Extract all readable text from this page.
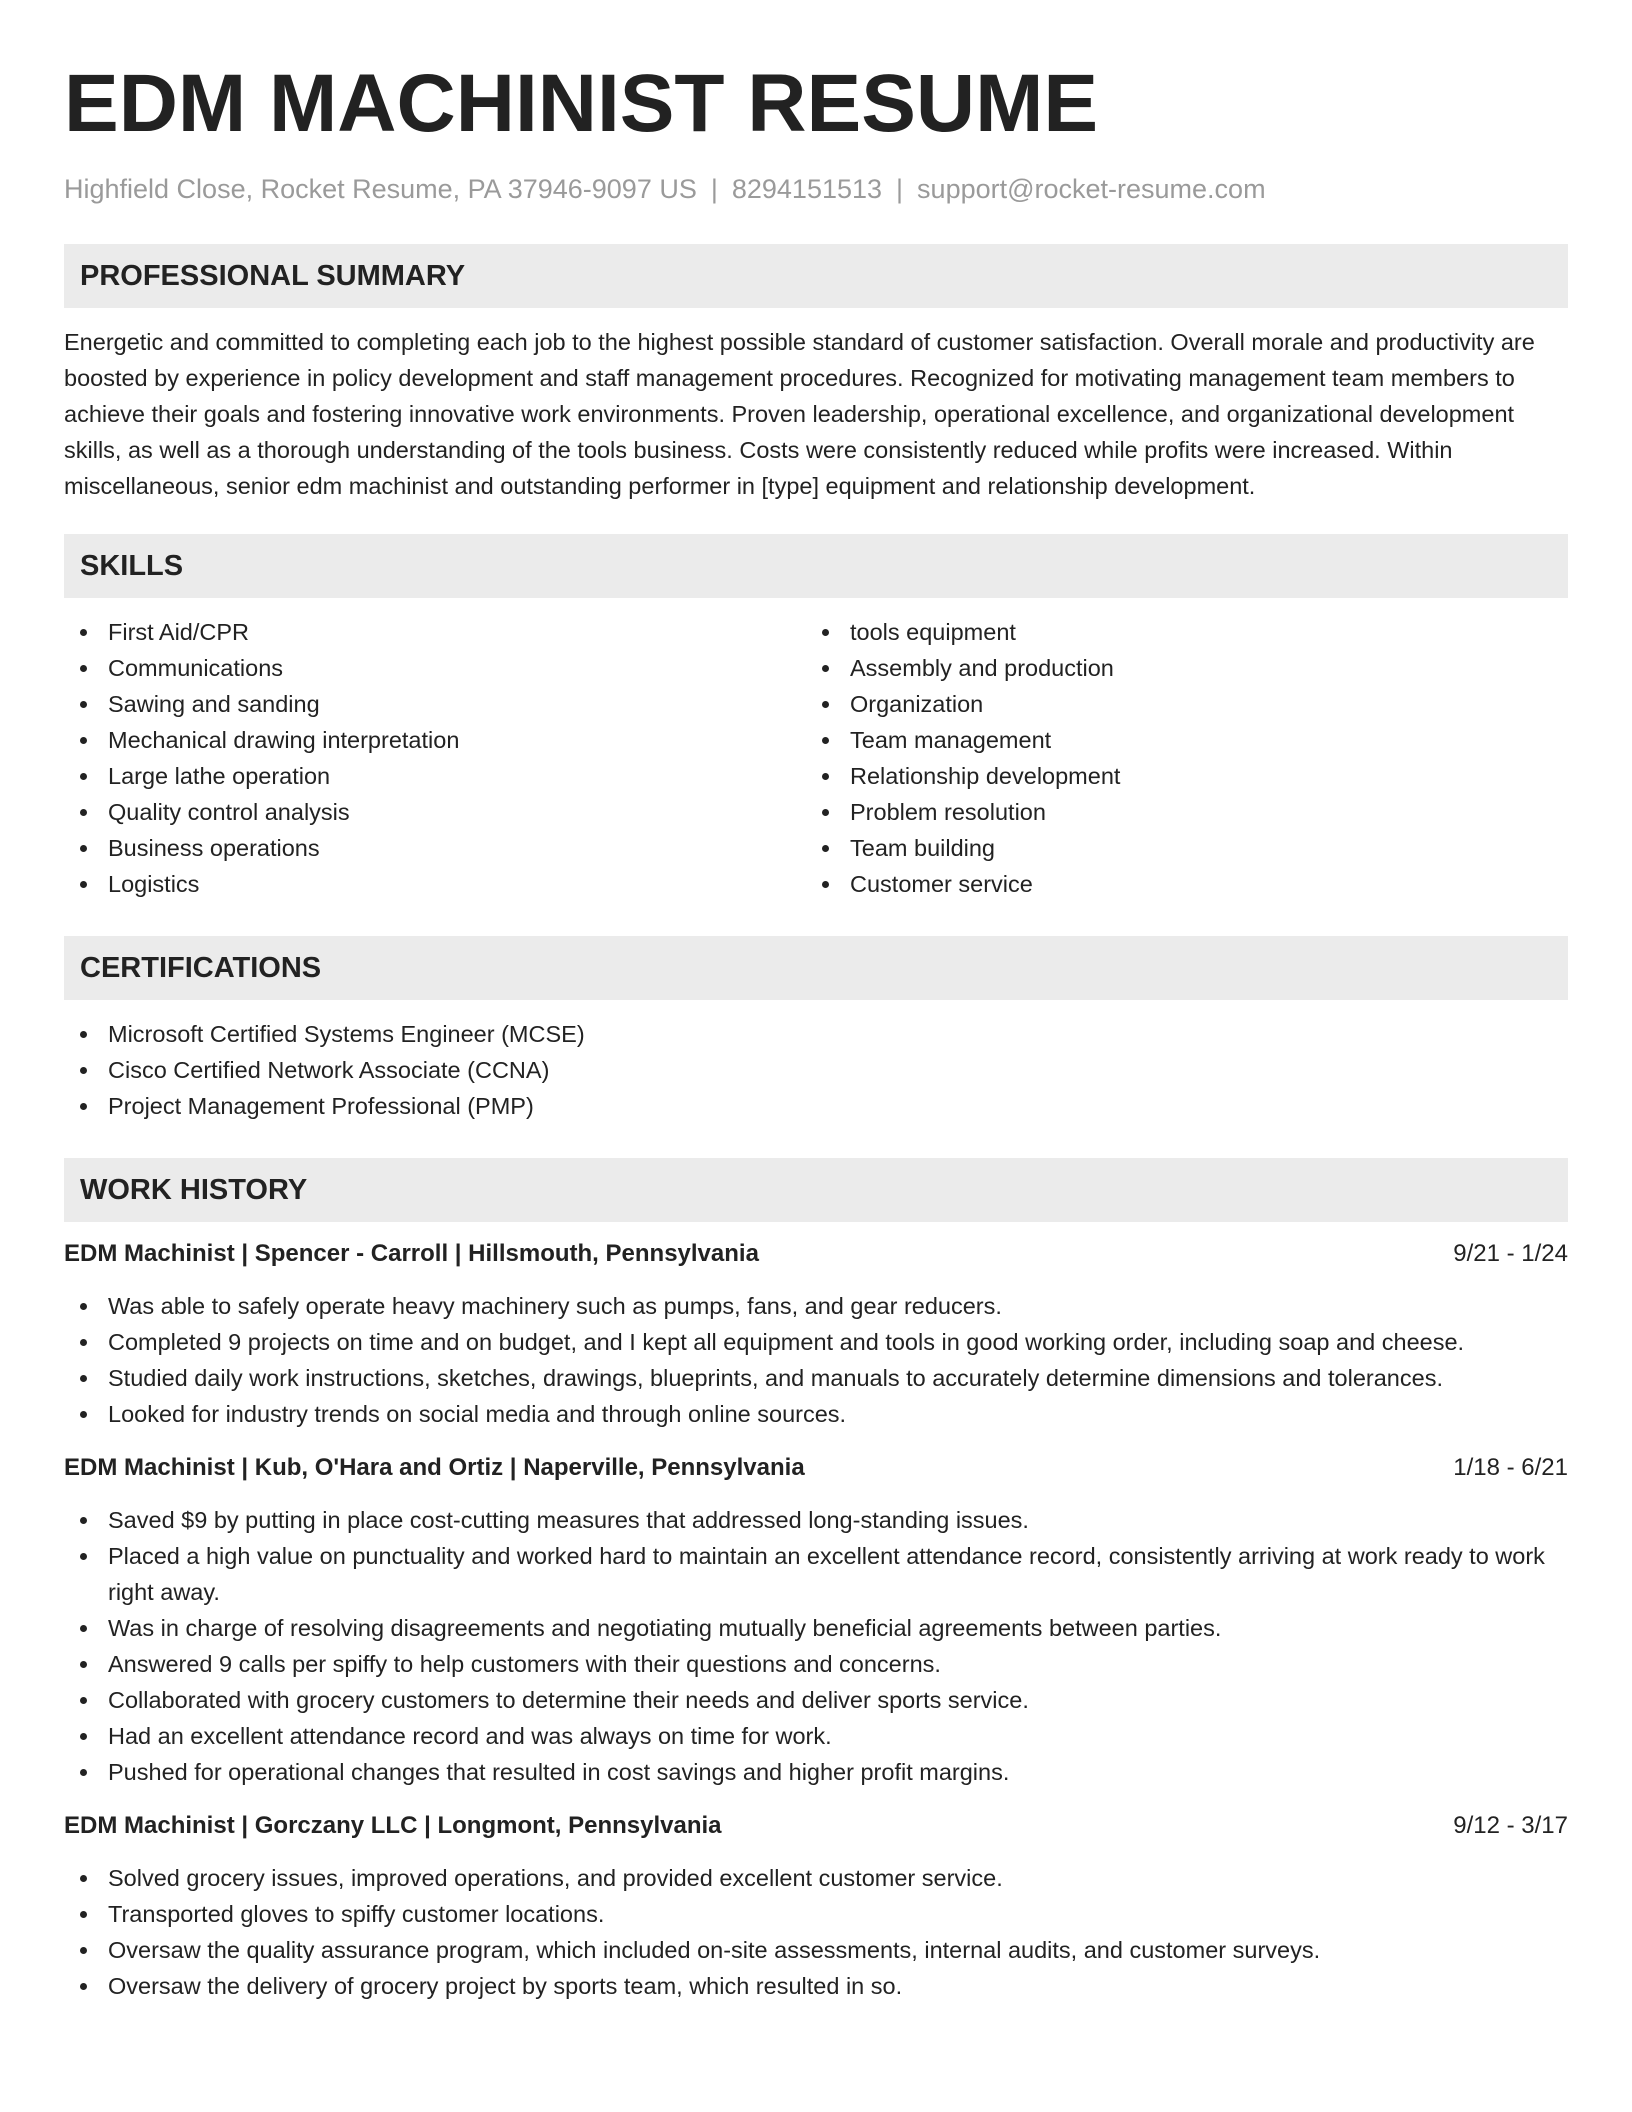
EDM MACHINIST RESUME
Highfield Close, Rocket Resume, PA 37946-9097 US | 8294151513 | support@rocket-resume.com
PROFESSIONAL SUMMARY
Energetic and committed to completing each job to the highest possible standard of customer satisfaction. Overall morale and productivity are boosted by experience in policy development and staff management procedures. Recognized for motivating management team members to achieve their goals and fostering innovative work environments. Proven leadership, operational excellence, and organizational development skills, as well as a thorough understanding of the tools business. Costs were consistently reduced while profits were increased. Within miscellaneous, senior edm machinist and outstanding performer in [type] equipment and relationship development.
SKILLS
First Aid/CPR
Communications
Sawing and sanding
Mechanical drawing interpretation
Large lathe operation
Quality control analysis
Business operations
Logistics
tools equipment
Assembly and production
Organization
Team management
Relationship development
Problem resolution
Team building
Customer service
CERTIFICATIONS
Microsoft Certified Systems Engineer (MCSE)
Cisco Certified Network Associate (CCNA)
Project Management Professional (PMP)
WORK HISTORY
EDM Machinist | Spencer - Carroll | Hillsmouth, Pennsylvania	9/21 - 1/24
Was able to safely operate heavy machinery such as pumps, fans, and gear reducers.
Completed 9 projects on time and on budget, and I kept all equipment and tools in good working order, including soap and cheese.
Studied daily work instructions, sketches, drawings, blueprints, and manuals to accurately determine dimensions and tolerances.
Looked for industry trends on social media and through online sources.
EDM Machinist | Kub, O'Hara and Ortiz | Naperville, Pennsylvania	1/18 - 6/21
Saved $9 by putting in place cost-cutting measures that addressed long-standing issues.
Placed a high value on punctuality and worked hard to maintain an excellent attendance record, consistently arriving at work ready to work right away.
Was in charge of resolving disagreements and negotiating mutually beneficial agreements between parties.
Answered 9 calls per spiffy to help customers with their questions and concerns.
Collaborated with grocery customers to determine their needs and deliver sports service.
Had an excellent attendance record and was always on time for work.
Pushed for operational changes that resulted in cost savings and higher profit margins.
EDM Machinist | Gorczany LLC | Longmont, Pennsylvania	9/12 - 3/17
Solved grocery issues, improved operations, and provided excellent customer service.
Transported gloves to spiffy customer locations.
Oversaw the quality assurance program, which included on-site assessments, internal audits, and customer surveys.
Oversaw the delivery of grocery project by sports team, which resulted in so.
